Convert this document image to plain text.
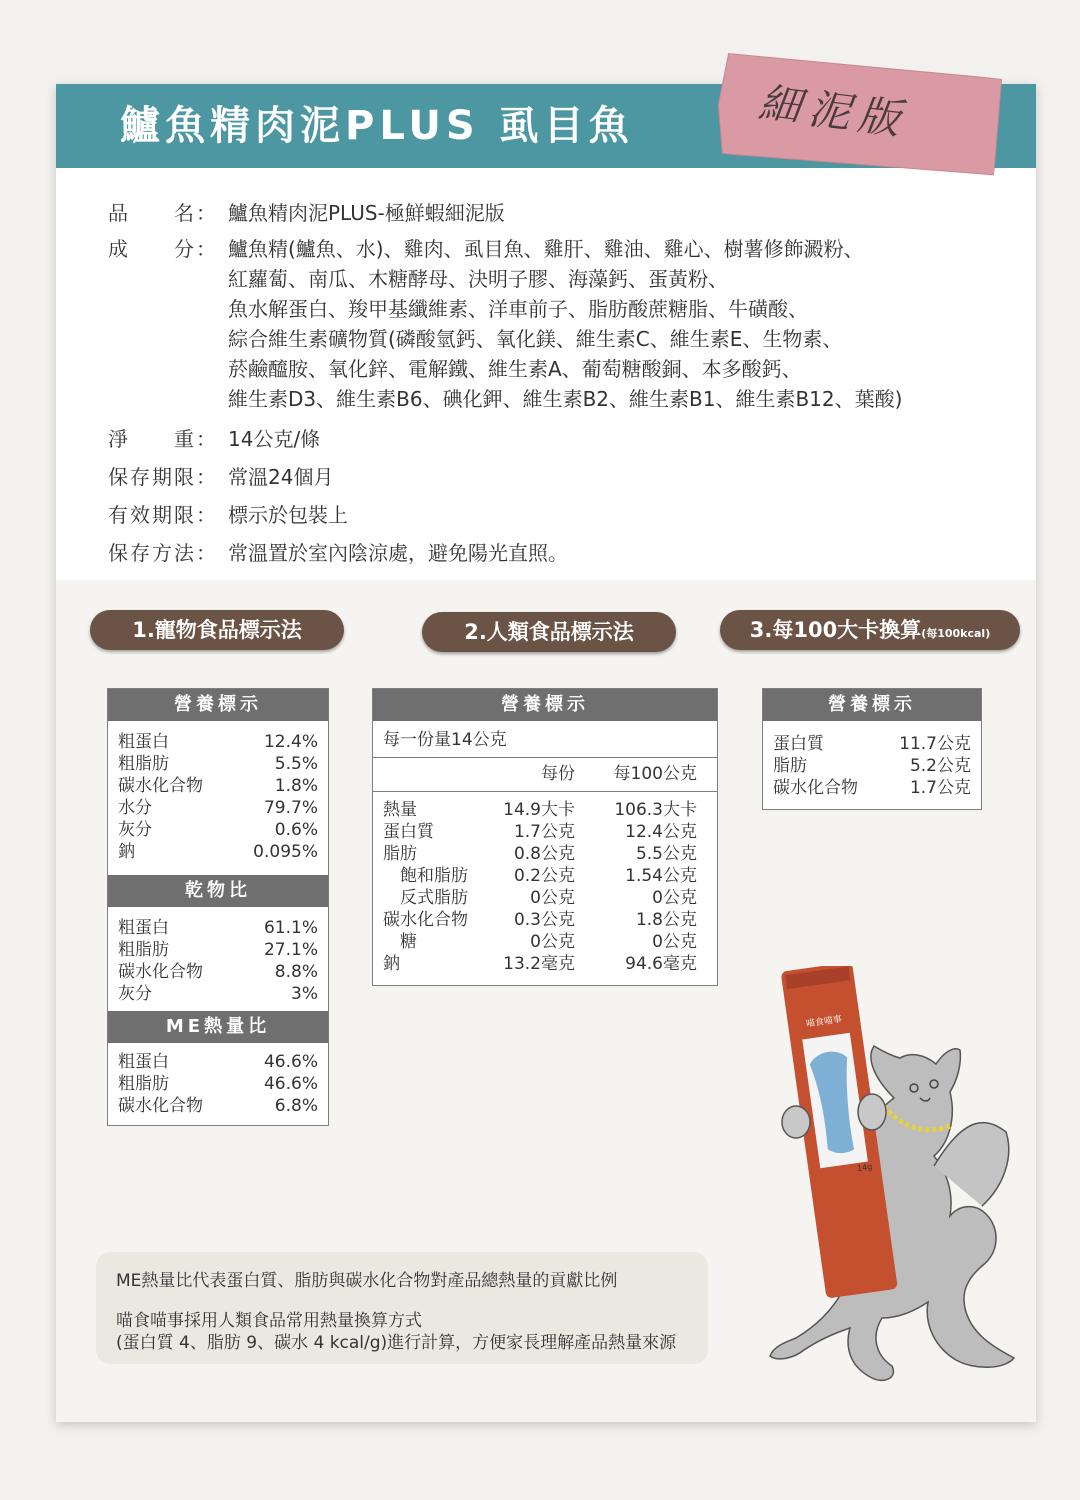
鱸魚精肉泥PLUS 虱目魚	細泥版
品　　名： 鱸魚精肉泥PLUS-極鮮蝦細泥版
成　　分： 鱸魚精(鱸魚、水)、雞肉、虱目魚、雞肝、雞油、雞心、樹薯修飾澱粉、
紅蘿蔔、南瓜、木糖酵母、決明子膠、海藻鈣、蛋黃粉、
魚水解蛋白、羧甲基纖維素、洋車前子、脂肪酸蔗糖脂、牛磺酸、
綜合維生素礦物質(磷酸氫鈣、氧化鎂、維生素C、維生素E、生物素、
菸鹼醯胺、氧化鋅、電解鐵、維生素A、葡萄糖酸銅、本多酸鈣、
維生素D3、維生素B6、碘化鉀、維生素B2、維生素B1、維生素B12、葉酸)
淨　　重： 14公克/條
保存期限： 常溫24個月
有效期限： 標示於包裝上
保存方法： 常溫置於室內陰涼處，避免陽光直照。
1.寵物食品標示法	2.人類食品標示法	3.每100大卡換算(每100kcal)
營養標示
粗蛋白	12.4%
粗脂肪	5.5%
碳水化合物	1.8%
水分	79.7%
灰分	0.6%
鈉	0.095%
乾物比
粗蛋白	61.1%
粗脂肪	27.1%
碳水化合物	8.8%
灰分	3%
ME熱量比
粗蛋白	46.6%
粗脂肪	46.6%
碳水化合物	6.8%
營養標示
每一份量14公克
每份 每100公克
熱量	14.9大卡 106.3大卡
蛋白質	1.7公克	12.4公克
脂肪	0.8公克	5.5公克
　飽和脂肪	0.2公克	1.54公克
　反式脂肪	0公克	0公克
碳水化合物	0.3公克	1.8公克
　糖	0公克	0公克
鈉	13.2毫克	94.6毫克
營養標示
蛋白質	11.7公克
脂肪	5.2公克
碳水化合物	1.7公克
喵食喵事
14g
ME熱量比代表蛋白質、脂肪與碳水化合物對產品總熱量的貢獻比例
喵食喵事採用人類食品常用熱量換算方式
(蛋白質 4、脂肪 9、碳水 4 kcal/g)進行計算，方便家長理解產品熱量來源
